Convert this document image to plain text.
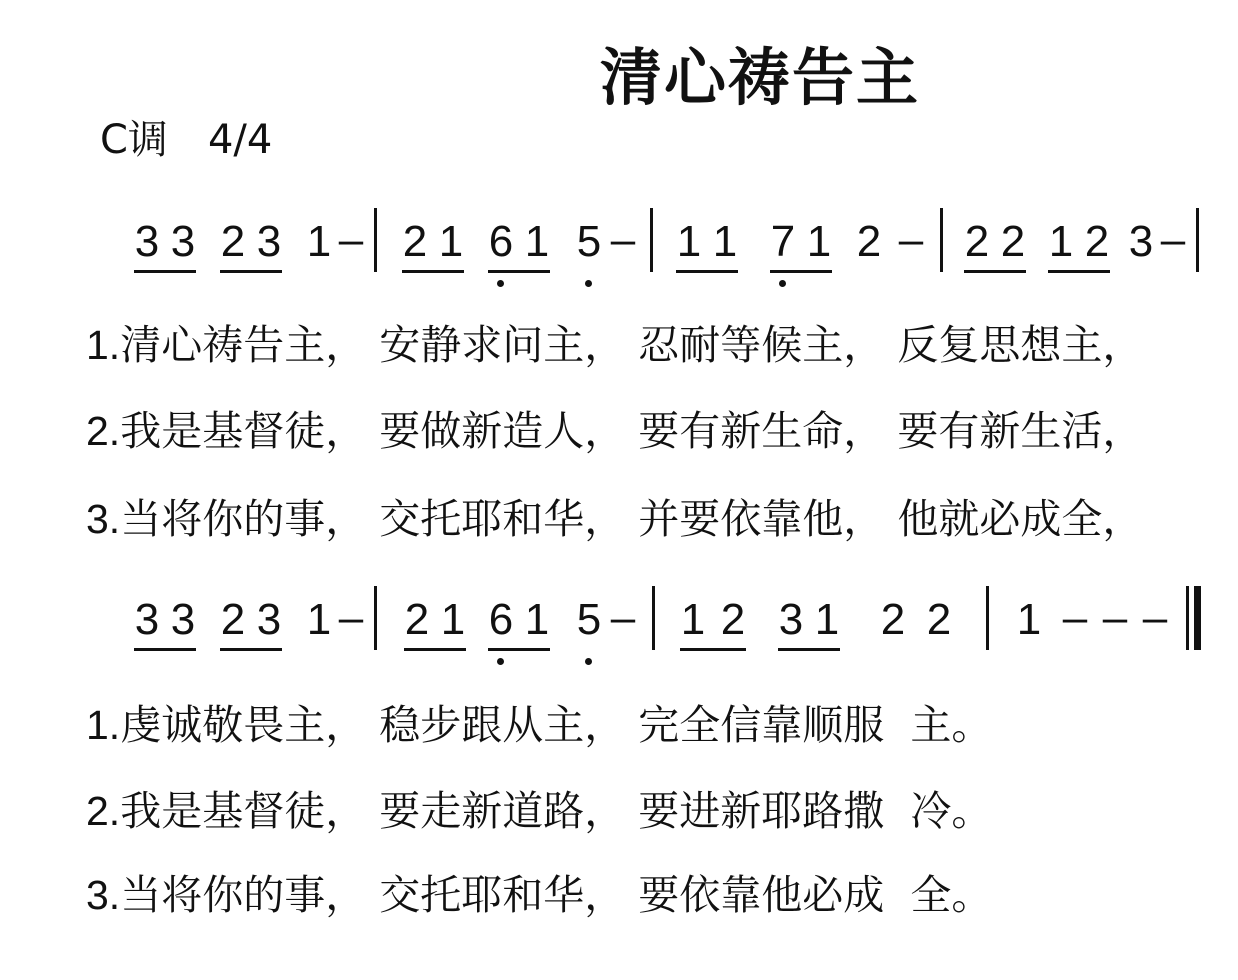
清心祷告主
C调 4/4
3 3 2 3 1 – 2 1 6 1 5 – 1 1 7 1 2 – 2 2 1 2 3 –
1.清心祷告主， 安静求问主， 忍耐等候主， 反复思想主，
2.我是基督徒， 要做新造人， 要有新生命， 要有新生活，
3.当将你的事， 交托耶和华， 并要依靠他， 他就必成全，
3 3 2 3 1 – 2 1 6 1 5 – 1 2 3 1 2 2 1 – – –
1.虔诚敬畏主， 稳步跟从主， 完全信靠顺服 主。
2.我是基督徒， 要走新道路， 要进新耶路撒 冷。
3.当将你的事， 交托耶和华， 要依靠他必成 全。
